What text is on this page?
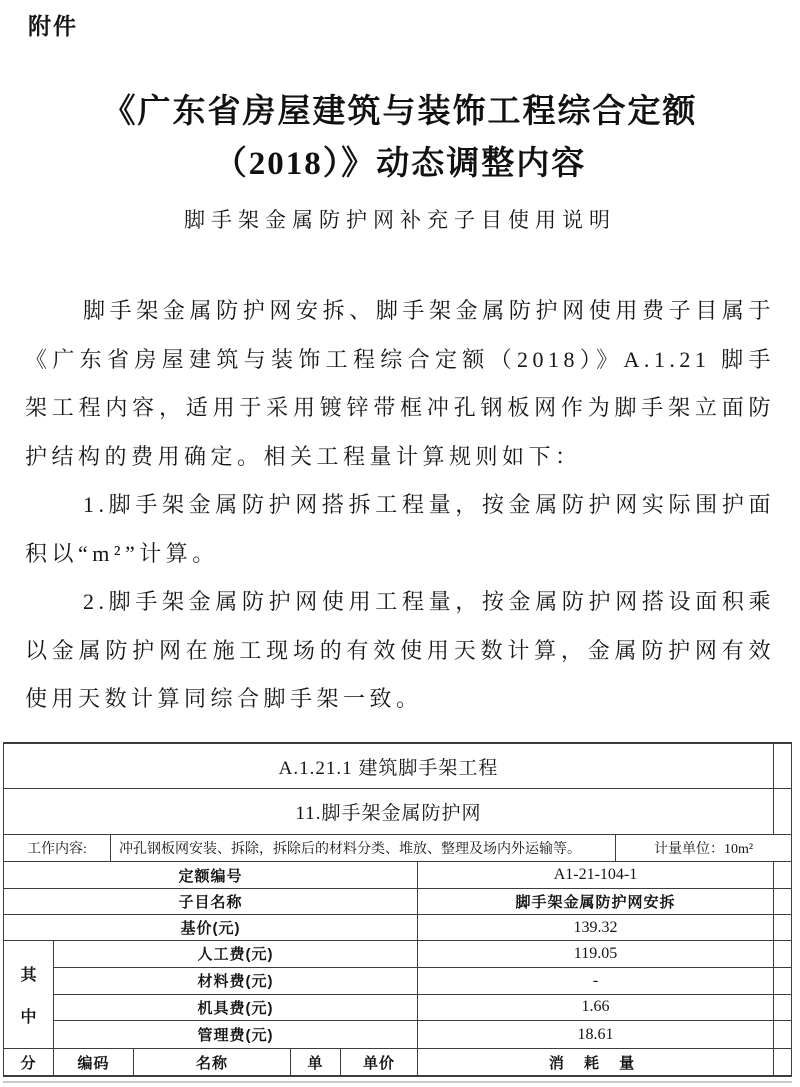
附件
《广东省房屋建筑与装饰工程综合定额
（2018）》动态调整内容
脚手架金属防护网补充子目使用说明

脚手架金属防护网安拆、脚手架金属防护网使用费子目属于《广东省房屋建筑与装饰工程综合定额（2018）》A.1.21 脚手架工程内容，适用于采用镀锌带框冲孔钢板网作为脚手架立面防护结构的费用确定。相关工程量计算规则如下：

1.脚手架金属防护网搭拆工程量，按金属防护网实际围护面积以“m²”计算。

2.脚手架金属防护网使用工程量，按金属防护网搭设面积乘以金属防护网在施工现场的有效使用天数计算，金属防护网有效使用天数计算同综合脚手架一致。

A.1.21.1 建筑脚手架工程
11.脚手架金属防护网
工作内容:	冲孔钢板网安装、拆除，拆除后的材料分类、堆放、整理及场内外运输等。	计量单位：10m²
定额编号	A1-21-104-1
子目名称	脚手架金属防护网安拆
基价(元)	139.32
其
中
人工费(元)	119.05
材料费(元)	-
机具费(元)	1.66
管理费(元)	18.61
分	编码	名称	单	单价	消 耗 量
